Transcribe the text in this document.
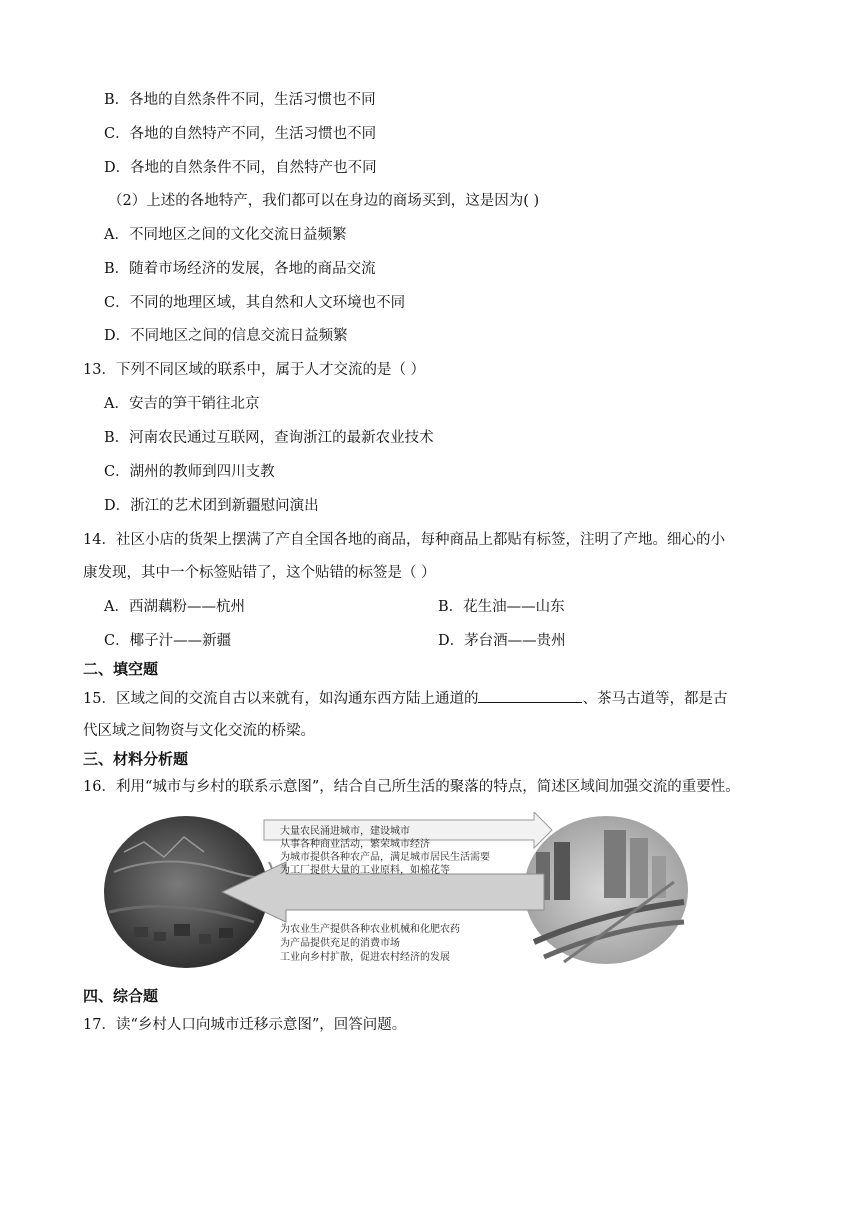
B．各地的自然条件不同，生活习惯也不同
C．各地的自然特产不同，生活习惯也不同
D．各地的自然条件不同，自然特产也不同
（2）上述的各地特产，我们都可以在身边的商场买到，这是因为( )
A．不同地区之间的文化交流日益频繁
B．随着市场经济的发展，各地的商品交流
C．不同的地理区域，其自然和人文环境也不同
D．不同地区之间的信息交流日益频繁
13．下列不同区域的联系中，属于人才交流的是（ ）
A．安吉的笋干销往北京
B．河南农民通过互联网，查询浙江的最新农业技术
C．湖州的教师到四川支教
D．浙江的艺术团到新疆慰问演出
14．社区小店的货架上摆满了产自全国各地的商品，每种商品上都贴有标签，注明了产地。细心的小
康发现，其中一个标签贴错了，这个贴错的标签是（ ）
A．西湖藕粉——杭州	B．花生油——山东
C．椰子汁——新疆	D．茅台酒——贵州
二、填空题
15．区域之间的交流自古以来就有，如沟通东西方陆上通道的	、茶马古道等，都是古
代区域之间物资与文化交流的桥梁。
三、材料分析题
16．利用“城市与乡村的联系示意图”，结合自己所生活的聚落的特点，简述区域间加强交流的重要性。
大量农民涌进城市，建设城市
从事各种商业活动，繁荣城市经济
为城市提供各种农产品，满足城市居民生活需要
为工厂提供大量的工业原料，如棉花等
为农业生产提供各种农业机械和化肥农药
为产品提供充足的消费市场
工业向乡村扩散，促进农村经济的发展
四、综合题
17．读“乡村人口向城市迁移示意图”，回答问题。
